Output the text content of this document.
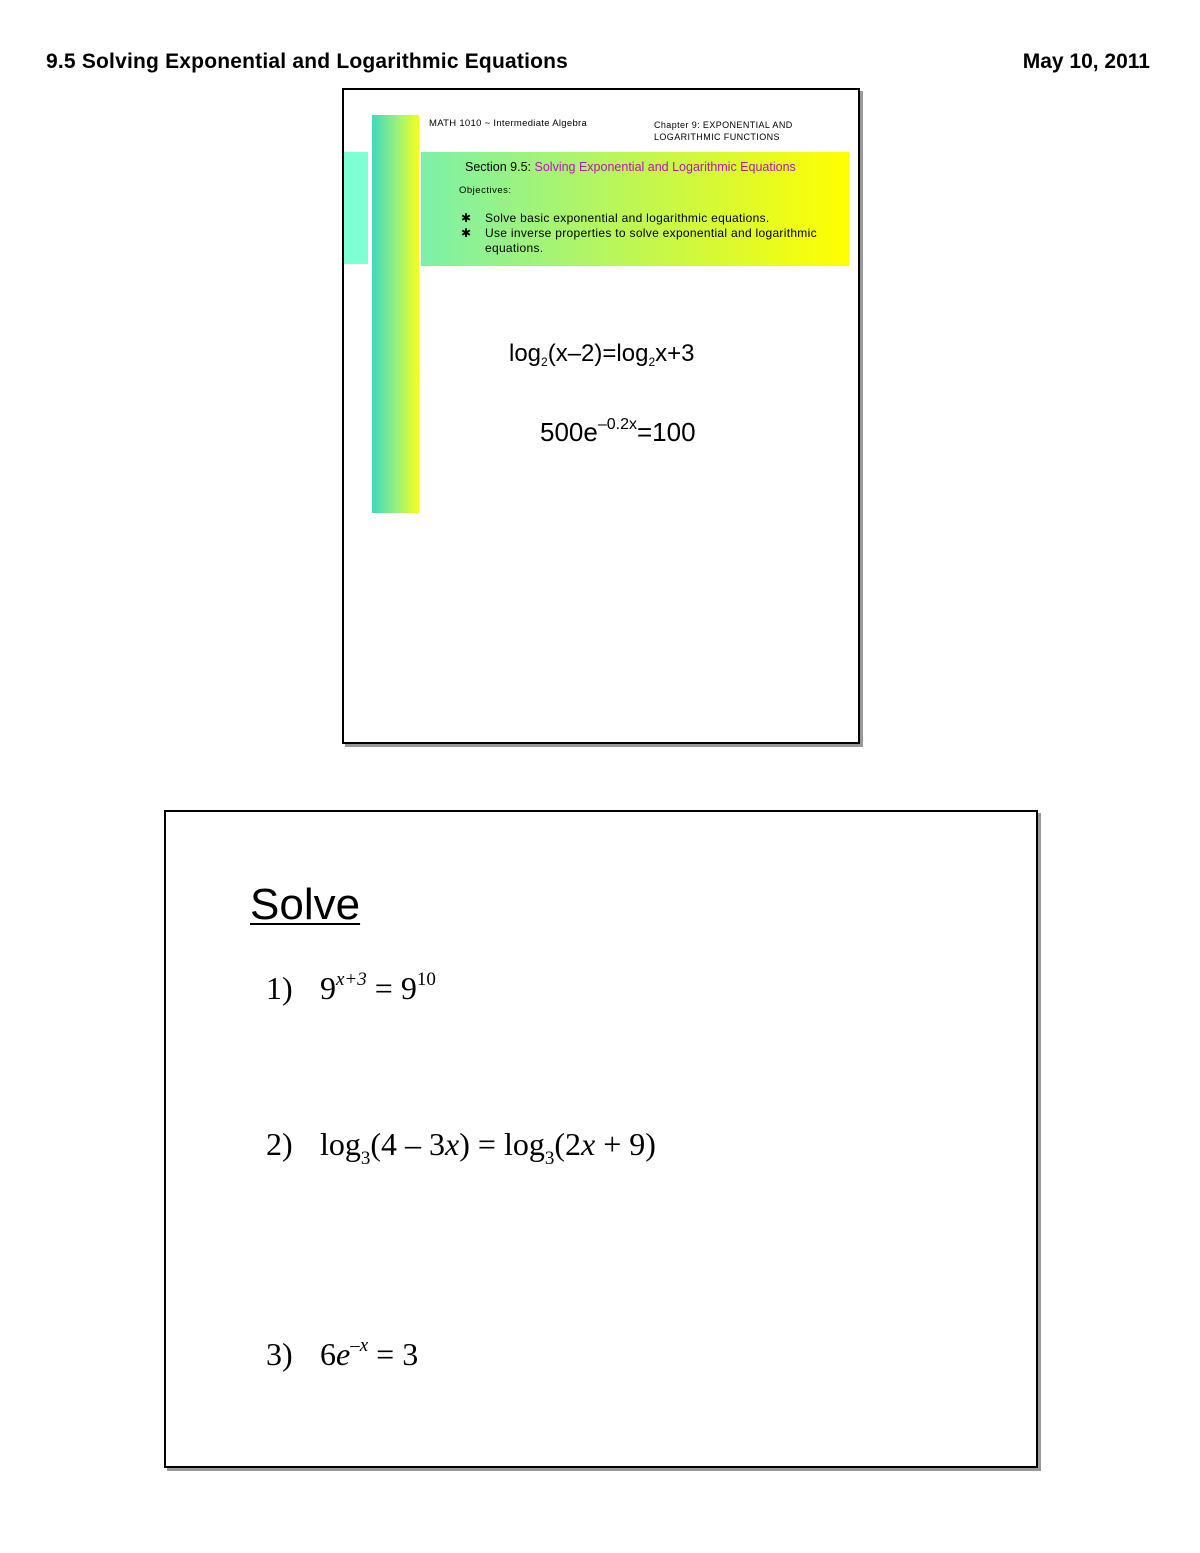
9.5 Solving Exponential and Logarithmic Equations	May 10, 2011
MATH 1010 ~ Intermediate Algebra	Chapter 9: EXPONENTIAL AND LOGARITHMIC FUNCTIONS
Section 9.5: Solving Exponential and Logarithmic Equations
Objectives:
✱ Solve basic exponential and logarithmic equations.
✱ Use inverse properties to solve exponential and logarithmic equations.
$\log_2(x-2)=\log_2x+3$
$500e^{-0.2x}=100$
Solve
1) $9^{x+3} = 9^{10}$
2) $\log_3(4 - 3x) = \log_3(2x + 9)$
3) $6e^{-x} = 3$
